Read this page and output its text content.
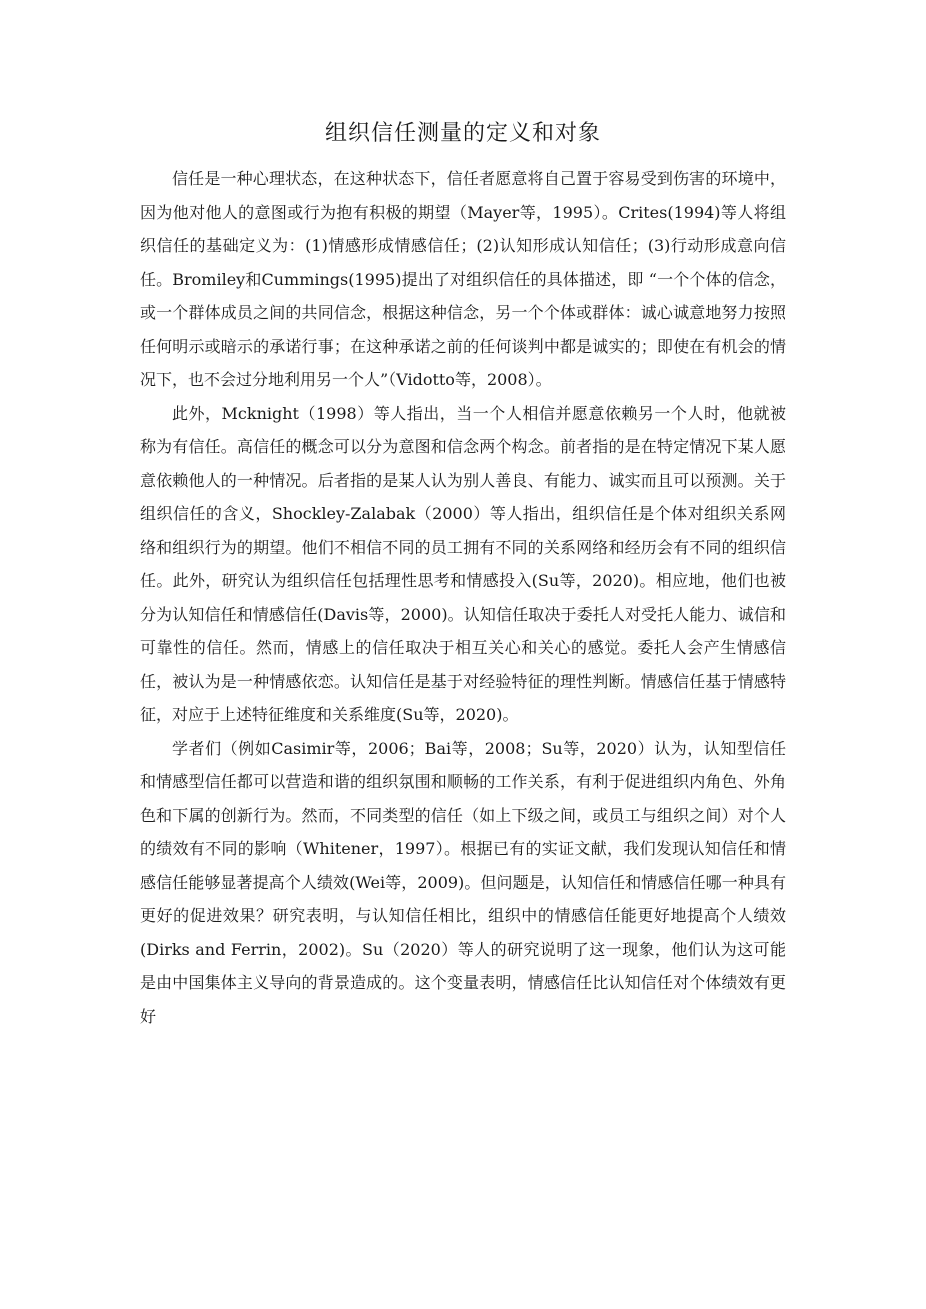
组织信任测量的定义和对象

信任是一种心理状态，在这种状态下，信任者愿意将自己置于容易受到伤害的环境中，因为他对他人的意图或行为抱有积极的期望（Mayer等，1995）。Crites(1994)等人将组织信任的基础定义为：(1)情感形成情感信任；(2)认知形成认知信任；(3)行动形成意向信任。Bromiley和Cummings(1995)提出了对组织信任的具体描述，即 “一个个体的信念，或一个群体成员之间的共同信念，根据这种信念，另一个个体或群体：诚心诚意地努力按照任何明示或暗示的承诺行事；在这种承诺之前的任何谈判中都是诚实的；即使在有机会的情况下，也不会过分地利用另一个人”（Vidotto等，2008）。

此外，Mcknight（1998）等人指出，当一个人相信并愿意依赖另一个人时，他就被称为有信任。高信任的概念可以分为意图和信念两个构念。前者指的是在特定情况下某人愿意依赖他人的一种情况。后者指的是某人认为别人善良、有能力、诚实而且可以预测。关于组织信任的含义，Shockley-Zalabak（2000）等人指出，组织信任是个体对组织关系网络和组织行为的期望。他们不相信不同的员工拥有不同的关系网络和经历会有不同的组织信任。此外，研究认为组织信任包括理性思考和情感投入(Su等，2020)。相应地，他们也被分为认知信任和情感信任(Davis等，2000)。认知信任取决于委托人对受托人能力、诚信和可靠性的信任。然而，情感上的信任取决于相互关心和关心的感觉。委托人会产生情感信任，被认为是一种情感依恋。认知信任是基于对经验特征的理性判断。情感信任基于情感特征，对应于上述特征维度和关系维度(Su等，2020)。

学者们（例如Casimir等，2006；Bai等，2008；Su等，2020）认为，认知型信任和情感型信任都可以营造和谐的组织氛围和顺畅的工作关系，有利于促进组织内角色、外角色和下属的创新行为。然而，不同类型的信任（如上下级之间，或员工与组织之间）对个人的绩效有不同的影响（Whitener，1997）。根据已有的实证文献，我们发现认知信任和情感信任能够显著提高个人绩效(Wei等，2009)。但问题是，认知信任和情感信任哪一种具有更好的促进效果？研究表明，与认知信任相比，组织中的情感信任能更好地提高个人绩效(Dirks and Ferrin，2002)。Su（2020）等人的研究说明了这一现象，他们认为这可能是由中国集体主义导向的背景造成的。这个变量表明，情感信任比认知信任对个体绩效有更好
